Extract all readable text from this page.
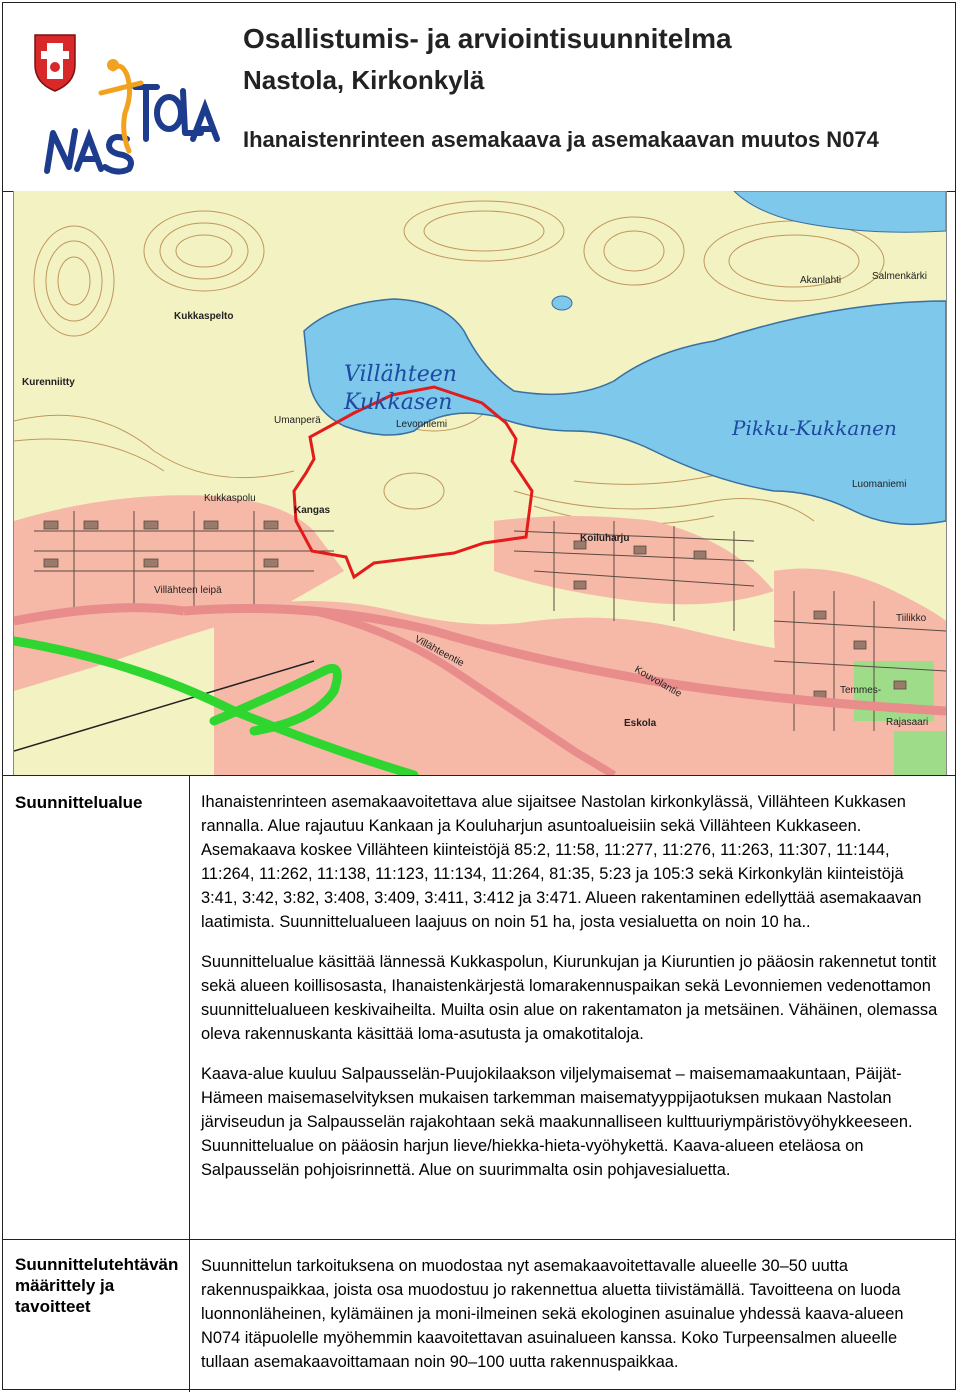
Osallistumis- ja arviointisuunnitelma
Nastola, Kirkonkylä
Ihanaistenrinteen asemakaava ja asemakaavan muutos N074
Villähteen
Kukkasen
Pikku-Kukkanen
Kurenniitty
Kukkaspelto
Koiluharju
Kangas
Eskola
Villähteentie
Kouvolantie
Kukkaspolu
Akanlahti	Salmenkärki
Levonniemi
Umanperä
Luomaniemi
Temmes-
Tiilikko
Rajasaari
Villähteen leipä
Suunnittelualue	Ihanaistenrinteen asemakaavoitettava alue sijaitsee Nastolan kirkonkylässä, Villähteen Kukkasen rannalla. Alue rajautuu Kankaan ja Kouluharjun asuntoalueisiin sekä Villähteen Kukkaseen. Asemakaava koskee Villähteen kiinteistöjä 85:2, 11:58, 11:277, 11:276, 11:263, 11:307, 11:144, 11:264, 11:262, 11:138, 11:123, 11:134, 11:264, 81:35, 5:23 ja 105:3 sekä Kirkonkylän kiinteistöjä 3:41, 3:42, 3:82, 3:408, 3:409, 3:411, 3:412 ja 3:471. Alueen rakentaminen edellyttää asemakaavan laatimista. Suunnittelualueen laajuus on noin 51 ha, josta vesialuetta on noin 10 ha..

Suunnittelualue käsittää lännessä Kukkaspolun, Kiurunkujan ja Kiuruntien jo pääosin rakennetut tontit sekä alueen koillisosasta, Ihanaistenkärjestä lomarakennuspaikan sekä Levonniemen vedenottamon suunnittelualueen keskivaiheilta. Muilta osin alue on rakentamaton ja metsäinen. Vähäinen, olemassa oleva rakennuskanta käsittää loma-asutusta ja omakotitaloja.

Kaava-alue kuuluu Salpausselän-Puujokilaakson viljelymaisemat – maisemamaakuntaan, Päijät-Hämeen maisemaselvityksen mukaisen tarkemman maisematyyppijaotuksen mukaan Nastolan järviseudun ja Salpausselän rajakohtaan sekä maakunnalliseen kulttuuriympäristövyöhykkeeseen. Suunnittelualue on pääosin harjun lieve/hiekka-hieta-vyöhykettä. Kaava-alueen eteläosa on Salpausselän pohjoisrinnettä. Alue on suurimmalta osin pohjavesialuetta.

Suunnittelutehtävän määrittely ja tavoitteet

Suunnittelun tarkoituksena on muodostaa nyt asemakaavoitettavalle alueelle 30–50 uutta rakennuspaikkaa, joista osa muodostuu jo rakennettua aluetta tiivistämällä. Tavoitteena on luoda luonnonläheinen, kylämäinen ja moni-ilmeinen sekä ekologinen asuinalue yhdessä kaava-alueen N074 itäpuolelle myöhemmin kaavoitettavan asuinalueen kanssa. Koko Turpeensalmen alueelle tullaan asemakaavoittamaan noin 90–100 uutta rakennuspaikkaa.
